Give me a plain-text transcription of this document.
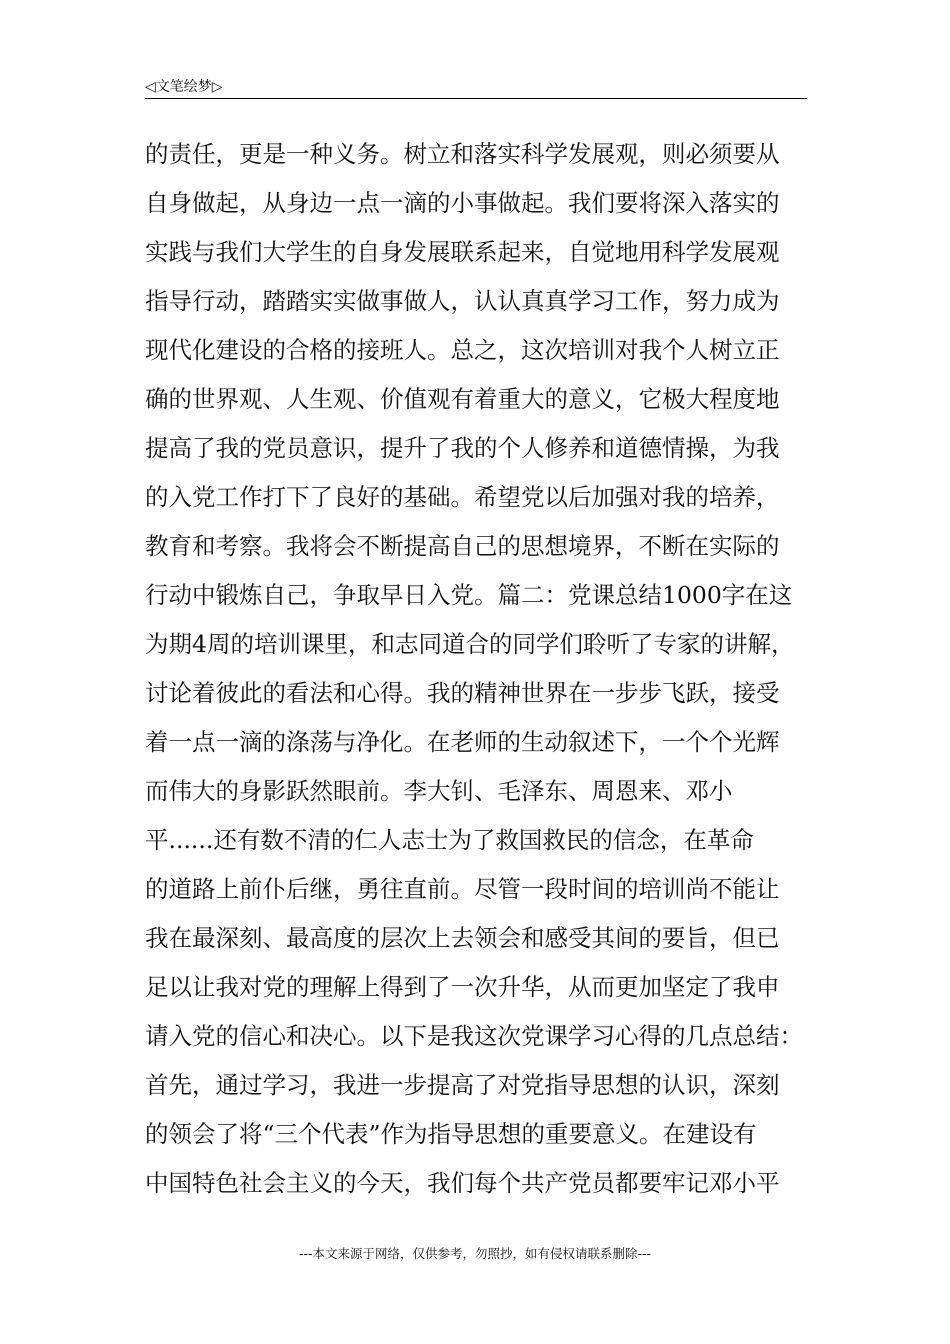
◁文笔绘梦▷
的责任，更是一种义务。树立和落实科学发展观，则必须要从
自身做起，从身边一点一滴的小事做起。我们要将深入落实的
实践与我们大学生的自身发展联系起来，自觉地用科学发展观
指导行动，踏踏实实做事做人，认认真真学习工作，努力成为
现代化建设的合格的接班人。总之，这次培训对我个人树立正
确的世界观、人生观、价值观有着重大的意义，它极大程度地
提高了我的党员意识，提升了我的个人修养和道德情操，为我
的入党工作打下了良好的基础。希望党以后加强对我的培养，
教育和考察。我将会不断提高自己的思想境界，不断在实际的
行动中锻炼自己，争取早日入党。篇二：党课总结1000字在这
为期4周的培训课里，和志同道合的同学们聆听了专家的讲解，
讨论着彼此的看法和心得。我的精神世界在一步步飞跃，接受
着一点一滴的涤荡与净化。在老师的生动叙述下，一个个光辉
而伟大的身影跃然眼前。李大钊、毛泽东、周恩来、邓小
平......还有数不清的仁人志士为了救国救民的信念，在革命
的道路上前仆后继，勇往直前。尽管一段时间的培训尚不能让
我在最深刻、最高度的层次上去领会和感受其间的要旨，但已
足以让我对党的理解上得到了一次升华，从而更加坚定了我申
请入党的信心和决心。以下是我这次党课学习心得的几点总结：
首先，通过学习，我进一步提高了对党指导思想的认识，深刻
的领会了将“三个代表”作为指导思想的重要意义。在建设有
中国特色社会主义的今天，我们每个共产党员都要牢记邓小平
---本文来源于网络，仅供参考，勿照抄，如有侵权请联系删除---
